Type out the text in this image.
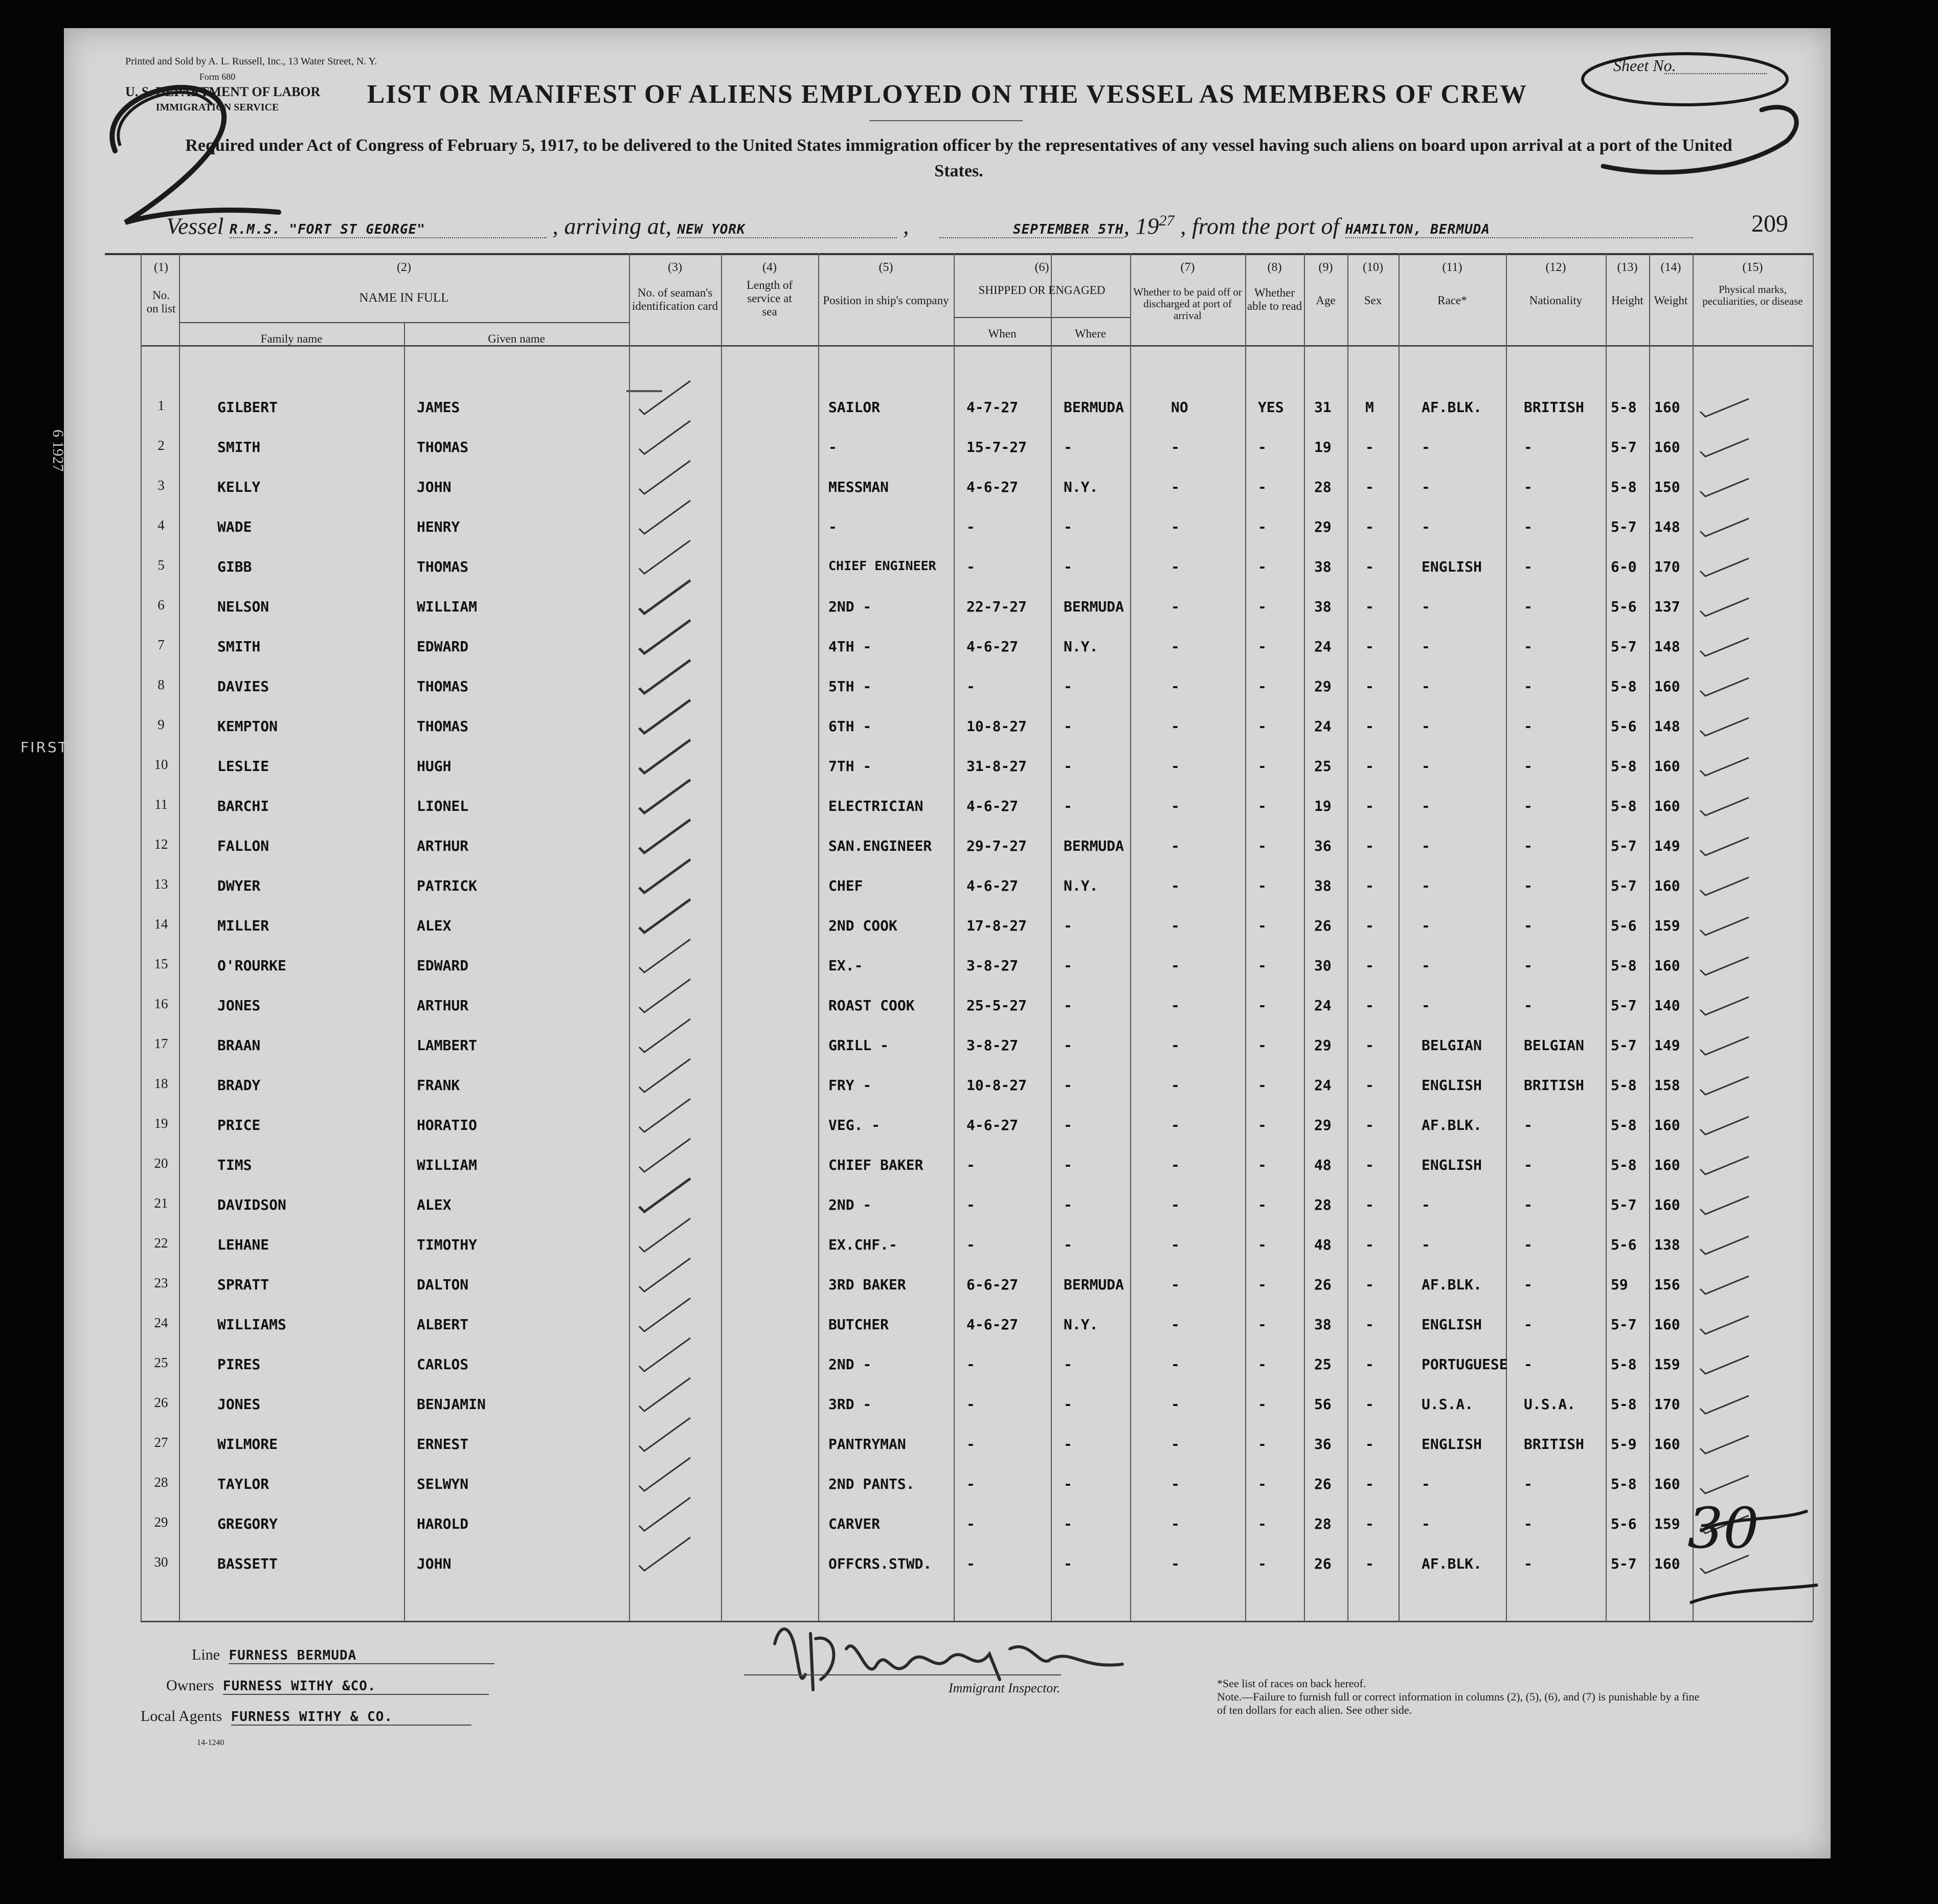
Printed and Sold by A. L. Russell, Inc., 13 Water Street, N. Y.
Form 680
U. S. DEPARTMENT OF LABOR
IMMIGRATION SERVICE
Sheet No.
LIST OR MANIFEST OF ALIENS EMPLOYED ON THE VESSEL AS MEMBERS OF CREW
Required under Act of Congress of February 5, 1917, to be delivered to the United States immigration officer by the representatives of any vessel having such aliens on board upon arrival at a port of the United States.
Vessel R.M.S. "FORT ST GEORGE"	, arriving at, NEW YORK	,	SEPTEMBER 5TH, $19^{27}$ , from the port of HAMILTON, BERMUDA	209
(1)
No. on list
(2)
NAME IN FULL
Family name	Given name
(3)
No. of seaman's identification card
(4)
Length of service at sea
(5)
Position in ship's company
(6)
SHIPPED OR ENGAGED
When	Where
(7)
Whether to be paid off or discharged at port of arrival
(8)
Whether able to read
(9)
Age
(10)
Sex
(11)
Race*
(12)
Nationality
(13)
Height
(14)
Weight
(15)
Physical marks, peculiarities, or disease
1	GILBERT	JAMES	SAILOR	4-7-27	BERMUDA	NO	YES 31 M	AF.BLK.	BRITISH 5-8 160
2	SMITH	THOMAS	-	15-7-27	-	-	-	19 -	-	-	5-7 160
3	KELLY	JOHN	MESSMAN	4-6-27	N.Y.	-	-	28 -	-	-	5-8 150
4	WADE	HENRY	-	-	-	-	-	29 -	-	-	5-7 148
5	GIBB	THOMAS	CHIEF ENGINEER -	-	-	-	38 -	ENGLISH	-	6-0 170
6	NELSON	WILLIAM	2ND -	22-7-27	BERMUDA	-	-	38 -	-	-	5-6 137
7	SMITH	EDWARD	4TH -	4-6-27	N.Y.	-	-	24 -	-	-	5-7 148
8	DAVIES	THOMAS	5TH -	-	-	-	-	29 -	-	-	5-8 160
9	KEMPTON	THOMAS	6TH -	10-8-27	-	-	-	24 -	-	-	5-6 148
10	LESLIE	HUGH	7TH -	31-8-27	-	-	-	25 -	-	-	5-8 160
11	BARCHI	LIONEL	ELECTRICIAN	4-6-27	-	-	-	19 -	-	-	5-8 160
12	FALLON	ARTHUR	SAN.ENGINEER 29-7-27	BERMUDA	-	-	36 -	-	-	5-7 149
13	DWYER	PATRICK	CHEF	4-6-27	N.Y.	-	-	38 -	-	-	5-7 160
14	MILLER	ALEX	2ND COOK	17-8-27	-	-	-	26 -	-	-	5-6 159
15	O'ROURKE	EDWARD	EX.-	3-8-27	-	-	-	30 -	-	-	5-8 160
16	JONES	ARTHUR	ROAST COOK	25-5-27	-	-	-	24 -	-	-	5-7 140
17	BRAAN	LAMBERT	GRILL -	3-8-27	-	-	-	29 -	BELGIAN	BELGIAN 5-7 149
18	BRADY	FRANK	FRY -	10-8-27	-	-	-	24 -	ENGLISH	BRITISH 5-8 158
19	PRICE	HORATIO	VEG. -	4-6-27	-	-	-	29 -	AF.BLK.	-	5-8 160
20	TIMS	WILLIAM	CHIEF BAKER	-	-	-	-	48 -	ENGLISH	-	5-8 160
21	DAVIDSON	ALEX	2ND -	-	-	-	-	28 -	-	-	5-7 160
22	LEHANE	TIMOTHY	EX.CHF.-	-	-	-	-	48 -	-	-	5-6 138
23	SPRATT	DALTON	3RD BAKER	6-6-27	BERMUDA	-	-	26 -	AF.BLK.	-	59 156
24	WILLIAMS	ALBERT	BUTCHER	4-6-27	N.Y.	-	-	38 -	ENGLISH	-	5-7 160
25	PIRES	CARLOS	2ND -	-	-	-	-	25 -	PORTUGUESE -	5-8 159
26	JONES	BENJAMIN	3RD -	-	-	-	-	56 -	U.S.A.	U.S.A. 5-8 170
27	WILMORE	ERNEST	PANTRYMAN	-	-	-	-	36 -	ENGLISH	BRITISH 5-9 160
28	TAYLOR	SELWYN	2ND PANTS.	-	-	-	-	26 -	-	-	5-8 160
29	GREGORY	HAROLD	CARVER	-	-	-	-	28 -	-	-	5-6 159
30	BASSETT	JOHN	OFFCRS.STWD. -	-	-	-	26 -	AF.BLK.	-	5-7 160
Line FURNESS BERMUDA
Owners FURNESS WITHY &CO.
Local Agents FURNESS WITHY & CO.
14-1240
Immigrant Inspector.	*See list of races on back hereof.
Note.—Failure to furnish full or correct information in columns (2), (5), (6), and (7) is punishable by a fine of ten dollars for each alien. See other side.
30
FIRST
6 1927
